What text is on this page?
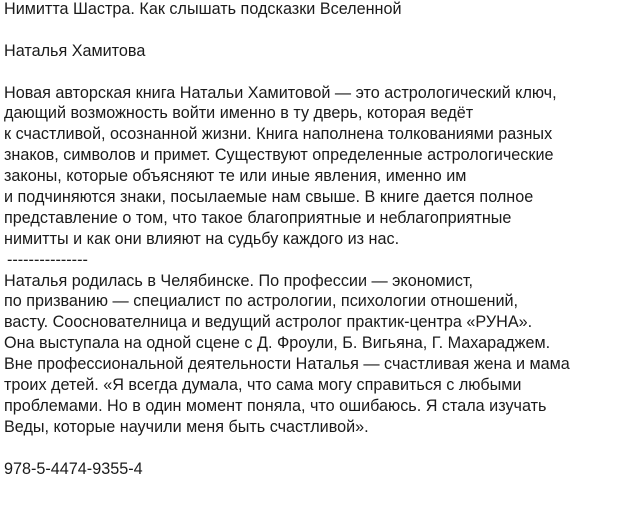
Нимитта Шастра. Как слышать подсказки Вселенной
Наталья Хамитова
Новая авторская книга Натальи Хамитовой — это астрологический ключ,
дающий возможность войти именно в ту дверь, которая ведёт
к счастливой, осознанной жизни. Книга наполнена толкованиями разных
знаков, символов и примет. Существуют определенные астрологические
законы, которые объясняют те или иные явления, именно им
и подчиняются знаки, посылаемые нам свыше. В книге дается полное
представление о том, что такое благоприятные и неблагоприятные
нимитты и как они влияют на судьбу каждого из нас.
---------------
Наталья родилась в Челябинске. По профессии — экономист,
по призванию — специалист по астрологии, психологии отношений,
васту. Сооснователница и ведущий астролог практик-центра «РУНА».
Она выступала на одной сцене с Д. Фроули, Б. Вигьяна, Г. Махараджем.
Вне профессиональной деятельности Наталья — счастливая жена и мама
троих детей. «Я всегда думала, что сама могу справиться с любыми
проблемами. Но в один момент поняла, что ошибаюсь. Я стала изучать
Веды, которые научили меня быть счастливой».
978-5-4474-9355-4
